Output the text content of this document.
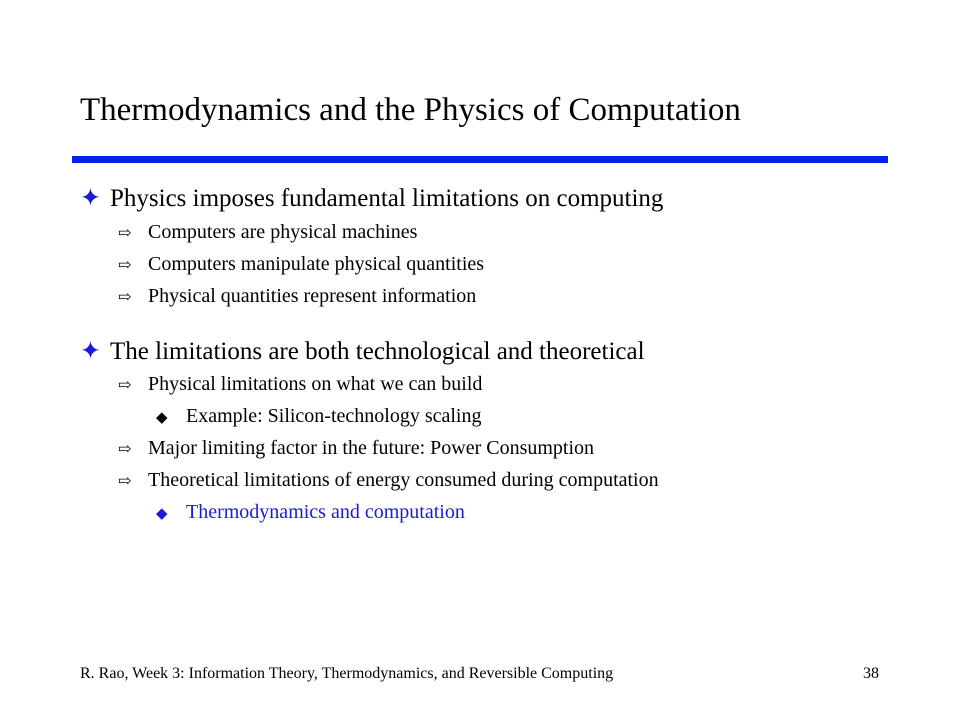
Thermodynamics and the Physics of Computation
✦ Physics imposes fundamental limitations on computing
⇨ Computers are physical machines
⇨ Computers manipulate physical quantities
⇨ Physical quantities represent information
✦ The limitations are both technological and theoretical
⇨ Physical limitations on what we can build
◆ Example: Silicon-technology scaling
⇨ Major limiting factor in the future: Power Consumption
⇨ Theoretical limitations of energy consumed during computation
◆ Thermodynamics and computation
R. Rao, Week 3: Information Theory, Thermodynamics, and Reversible Computing	38
